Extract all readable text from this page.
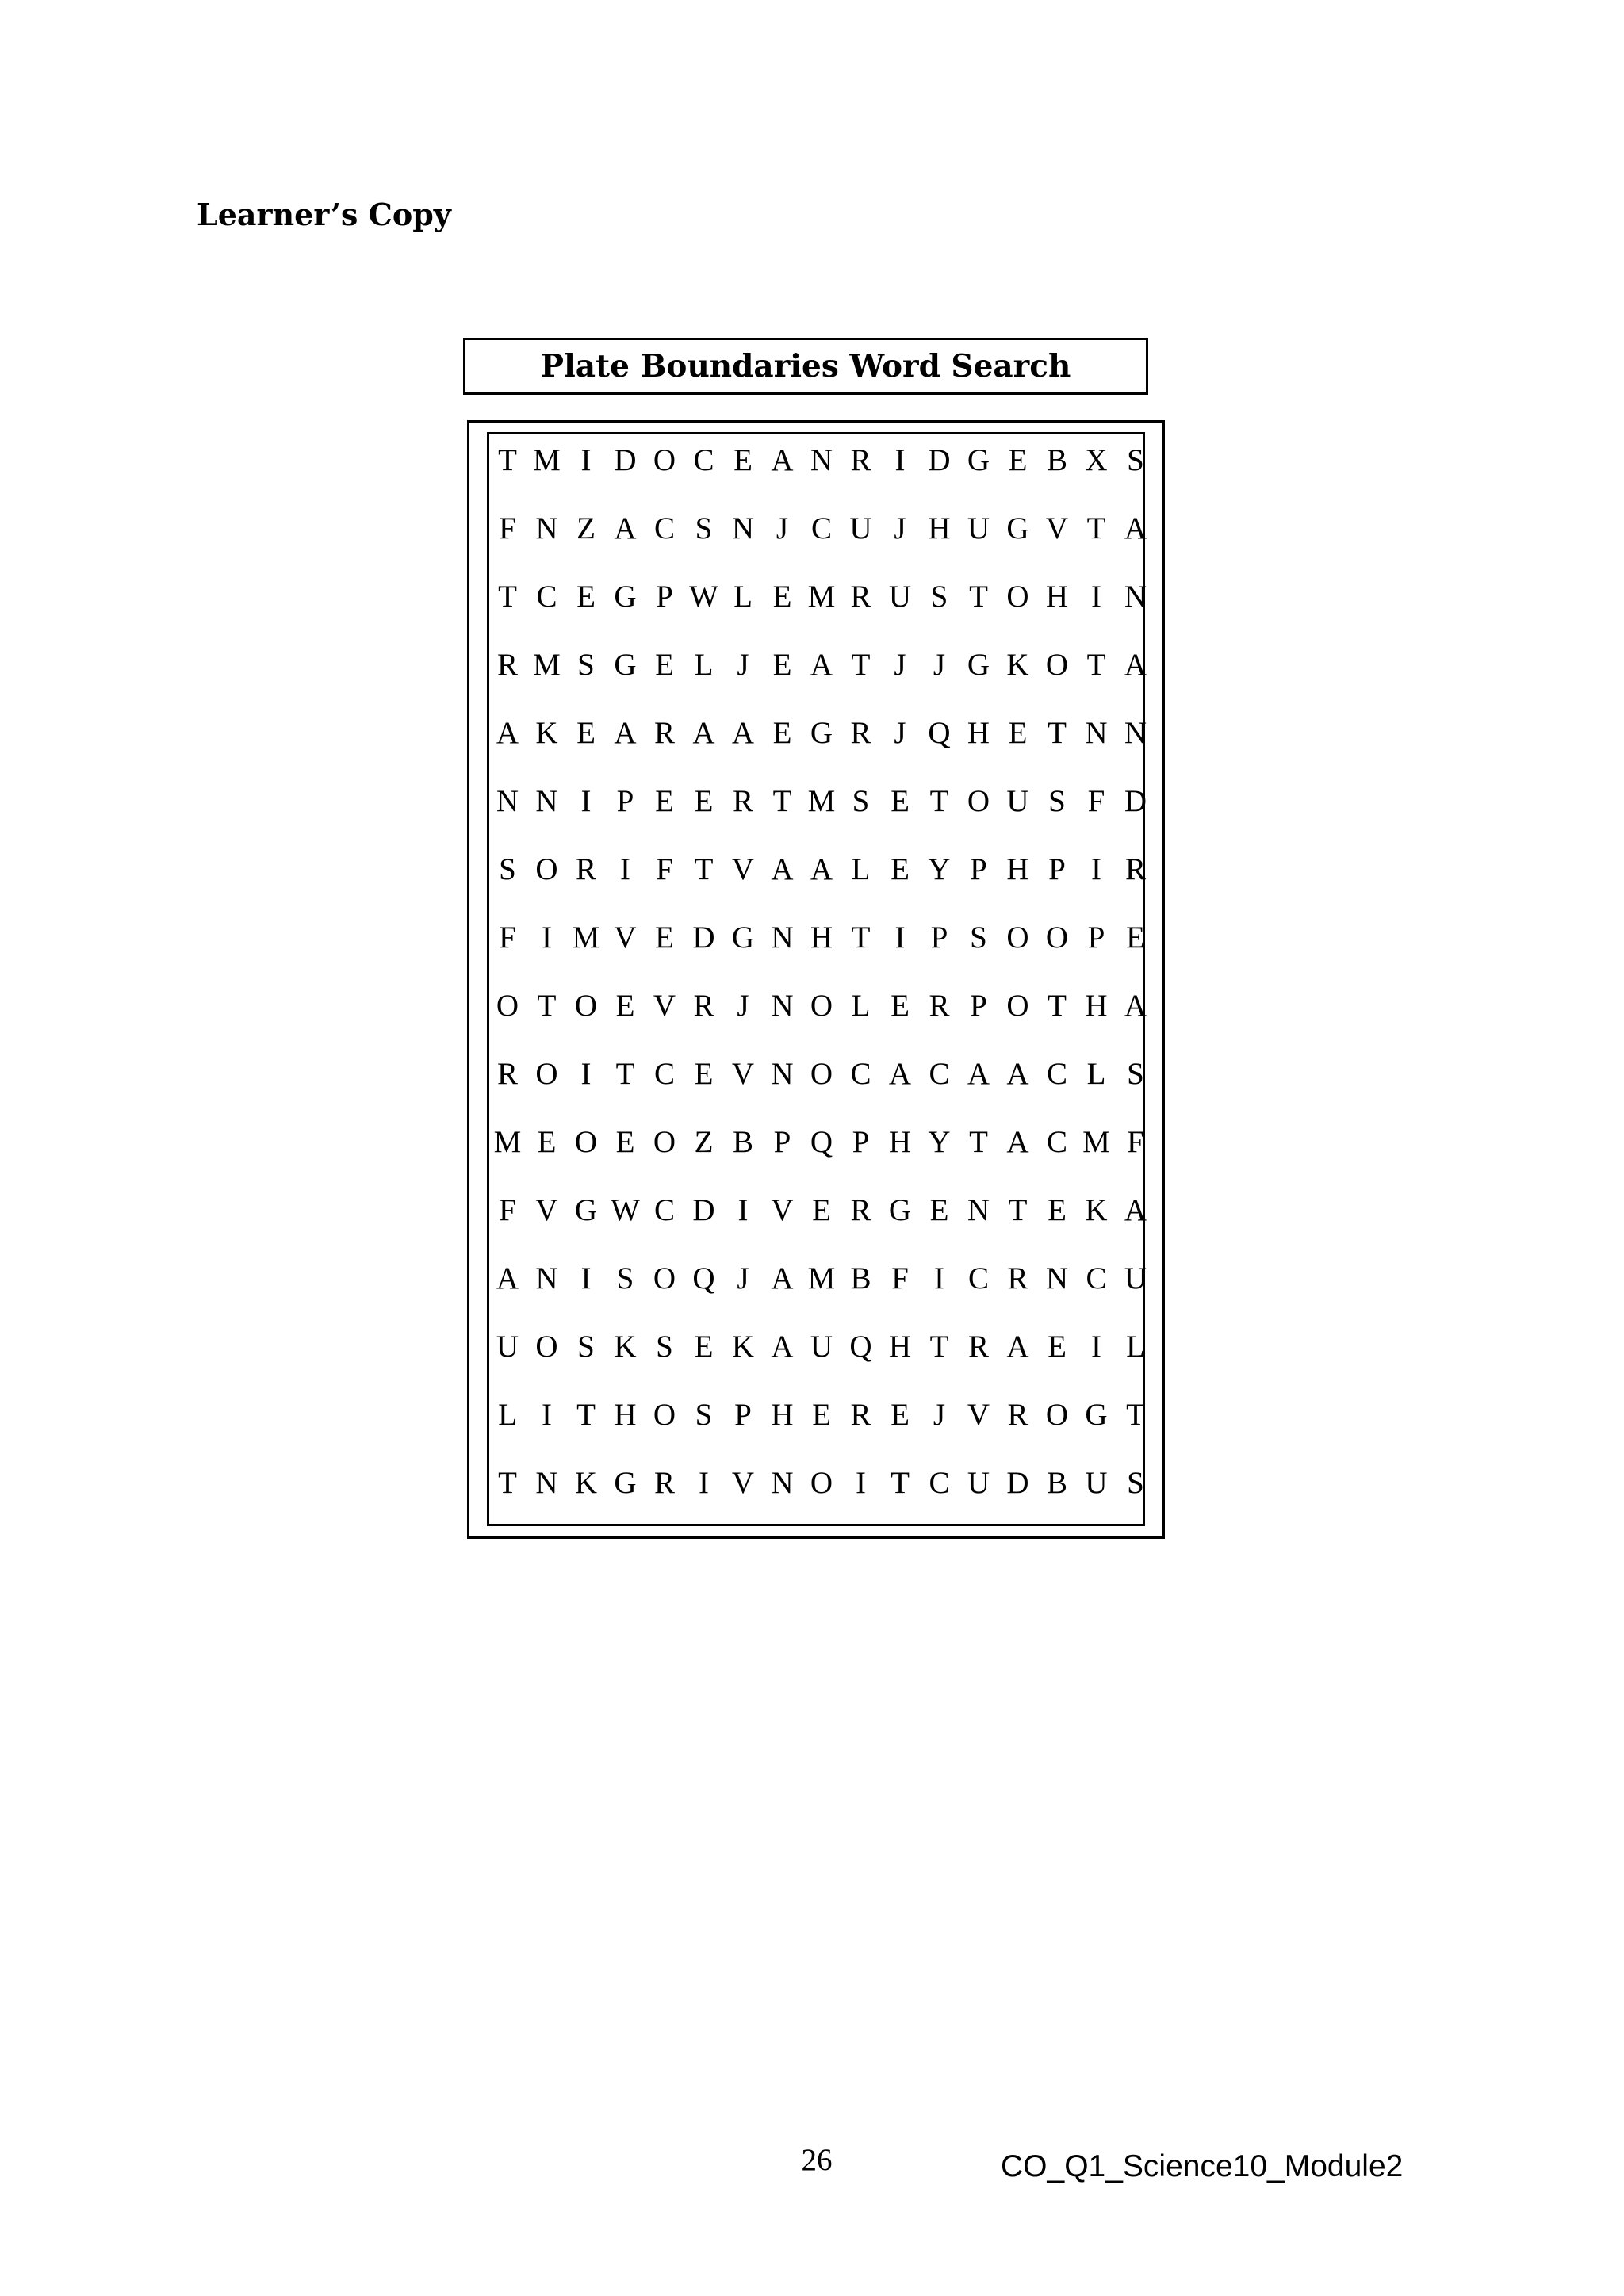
Learner’s Copy
Plate Boundaries Word Search
T M I D O C E A N R I D G E B X S
F N Z A C S N J C U J H U G V T A
T C E G P W L E M R U S T O H I N
R M S G E L J E A T J J G K O T A
A K E A R A A E G R J Q H E T N N
N N I P E E R T M S E T O U S F D
S O R I F T V A A L E Y P H P I R
F I M V E D G N H T I P S O O P E
O T O E V R J N O L E R P O T H A
R O I T C E V N O C A C A A C L S
M E O E O Z B P Q P H Y T A C M F
F V G W C D I V E R G E N T E K A
A N I S O Q J A M B F I C R N C U
U O S K S E K A U Q H T R A E I L
L I T H O S P H E R E J V R O G T
T N K G R I V N O I T C U D B U S
26	CO_Q1_Science10_Module2
